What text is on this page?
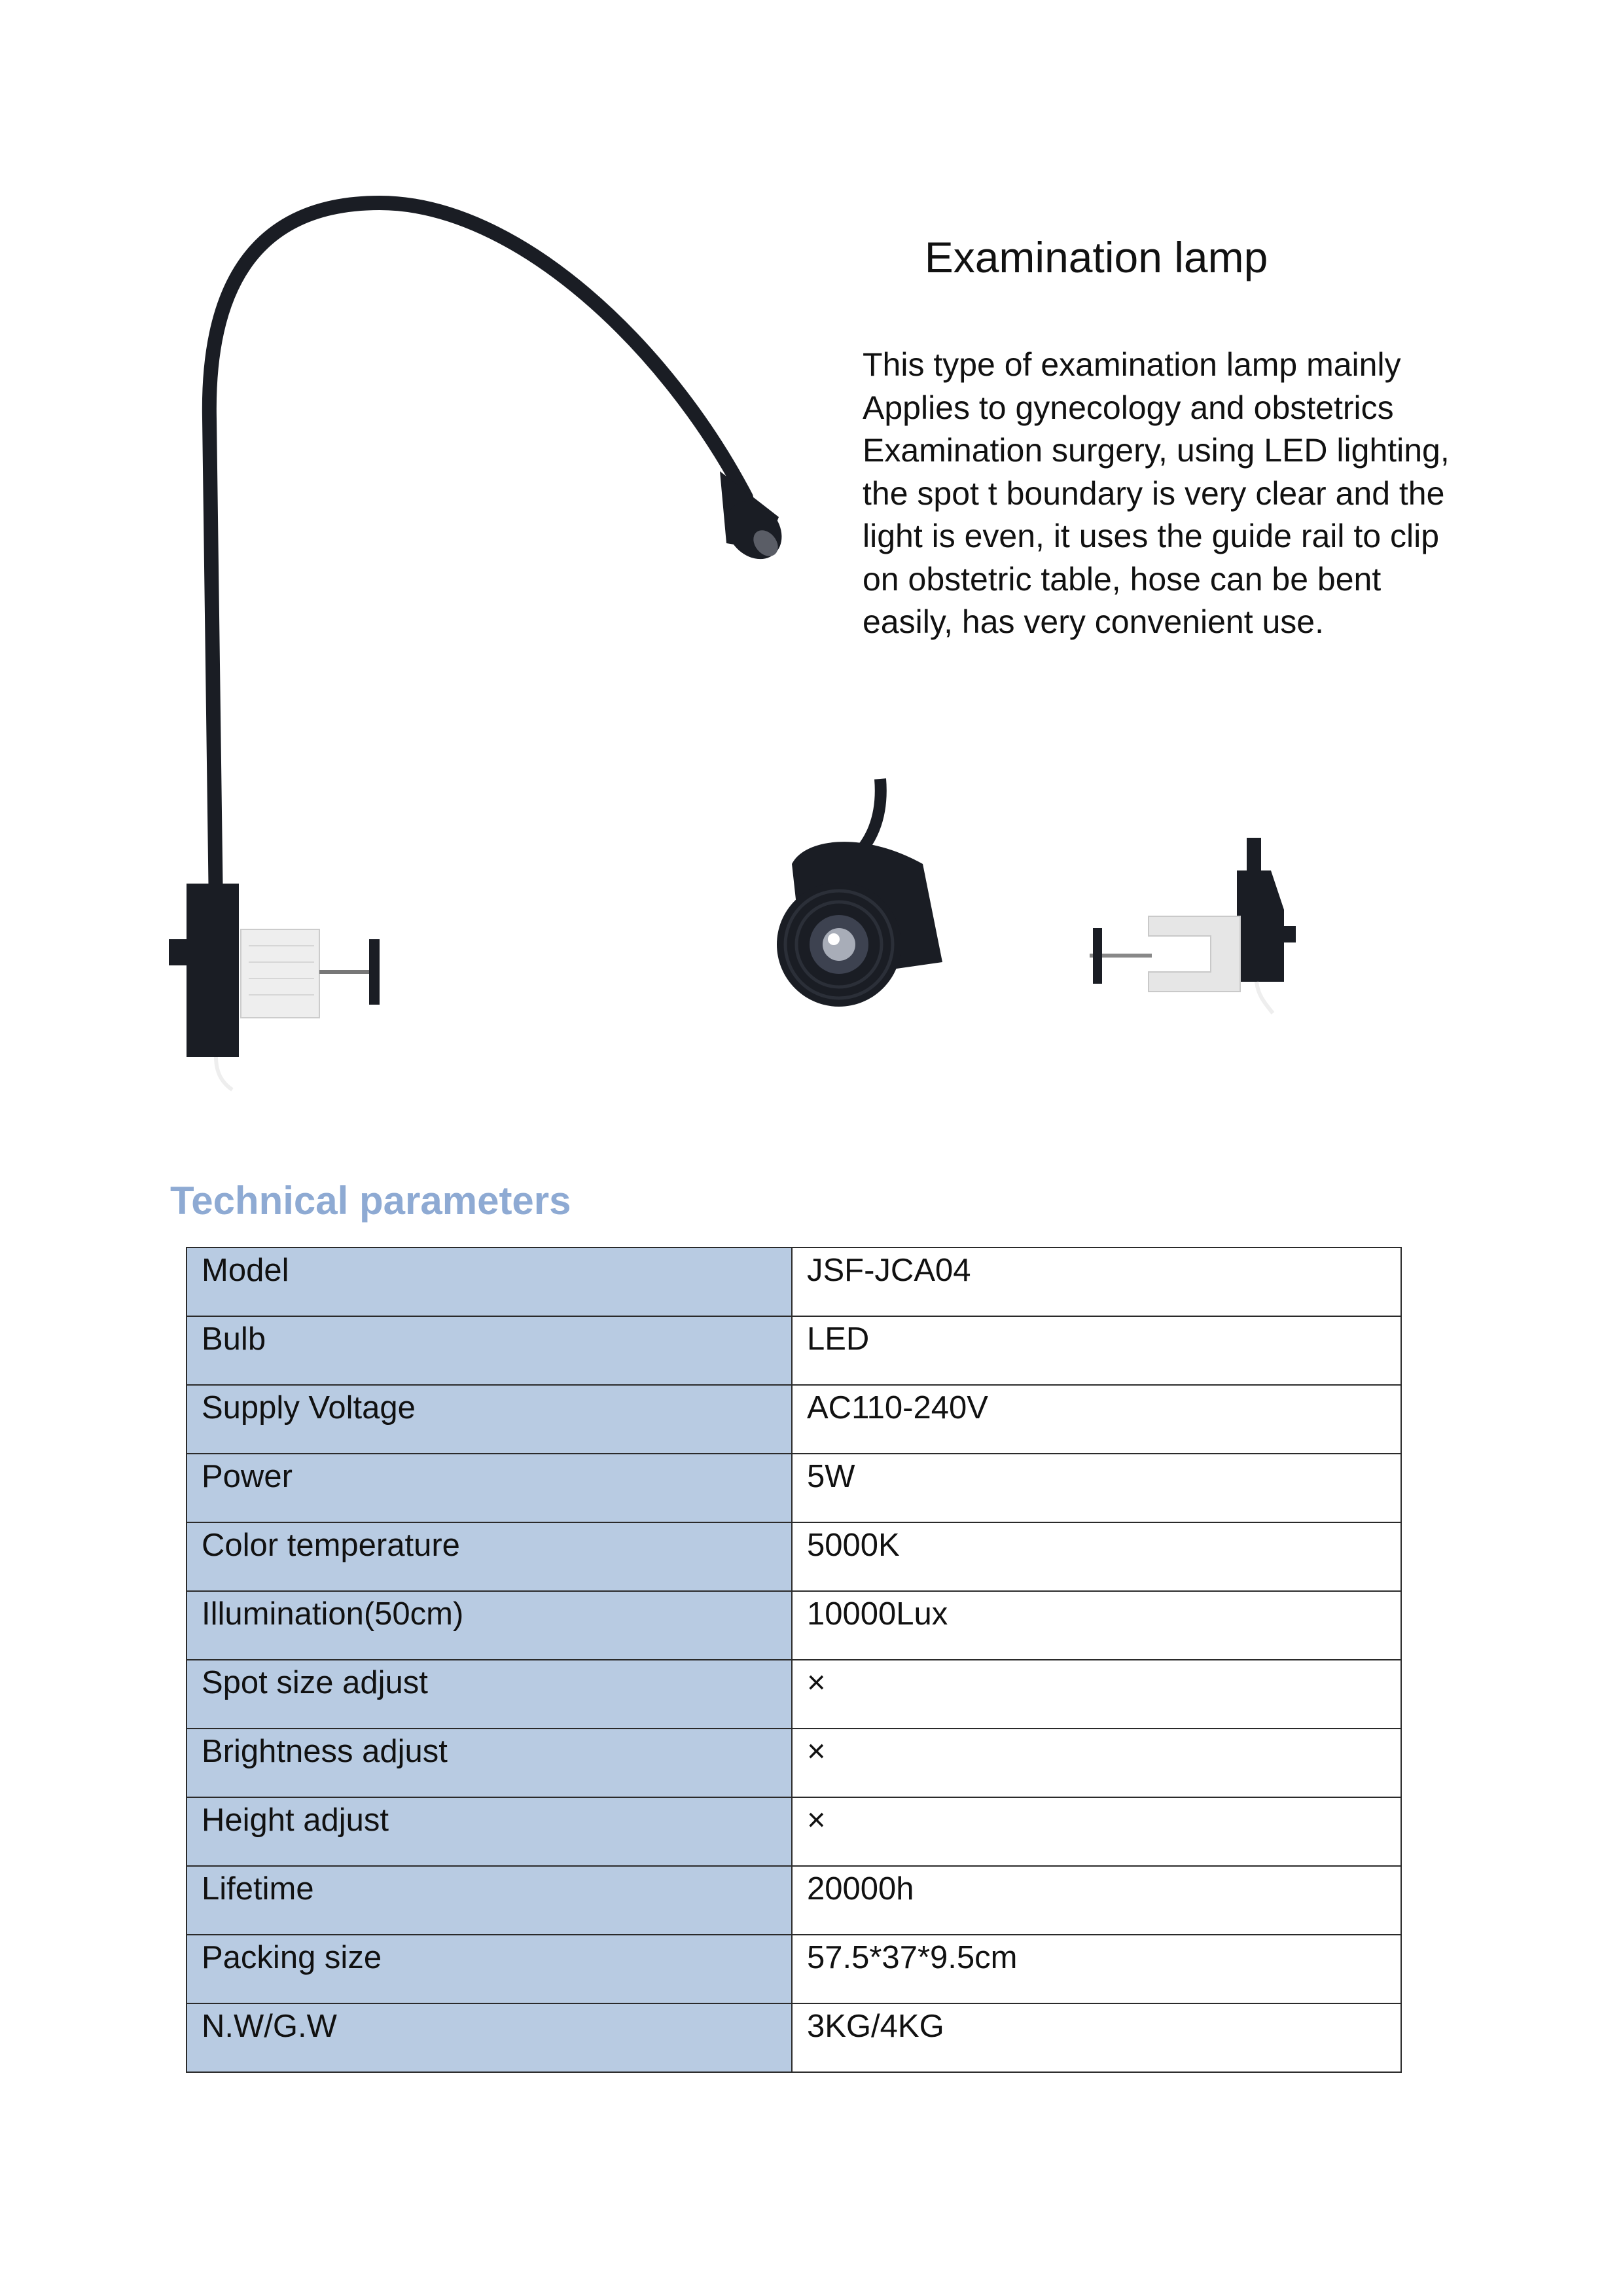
Examination lamp
This type of examination lamp mainly
Applies to gynecology and obstetrics
Examination surgery, using LED lighting,
the spot t boundary is very clear and the
light is even, it uses the guide rail to clip
on obstetric table, hose can be bent
easily, has very convenient use.
Technical parameters
Model	JSF-JCA04
Bulb	LED
Supply Voltage	AC110-240V
Power	5W
Color temperature	5000K
Illumination(50cm)	10000Lux
Spot size adjust	×
Brightness adjust	×
Height adjust	×
Lifetime	20000h
Packing size	57.5*37*9.5cm
N.W/G.W	3KG/4KG
